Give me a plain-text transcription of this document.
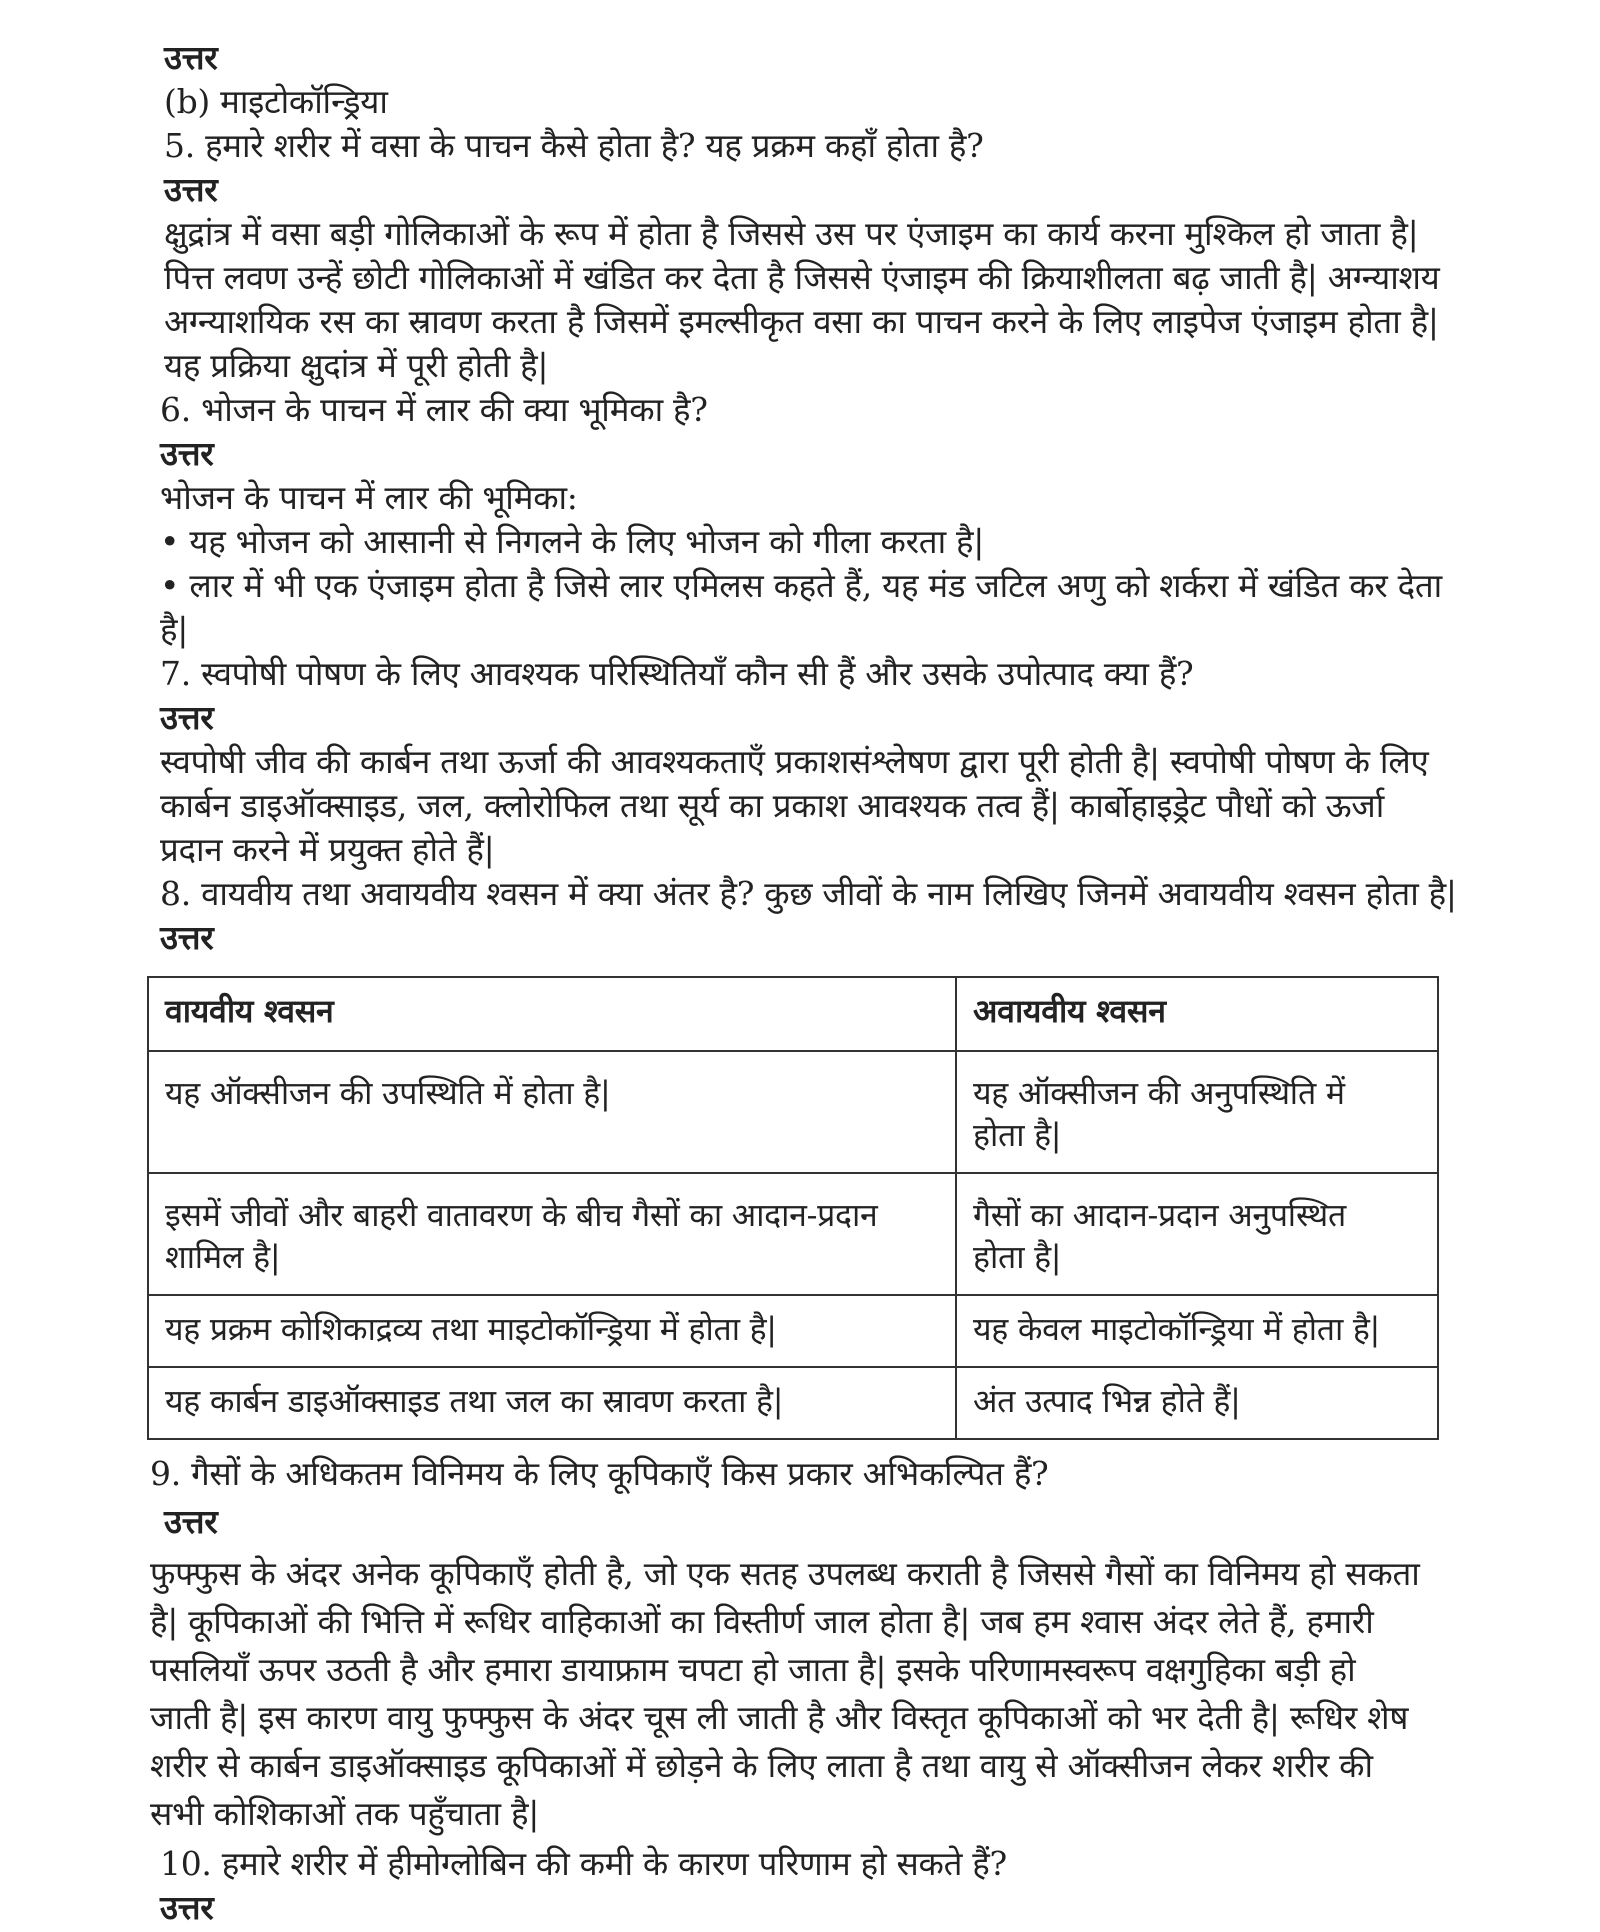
उत्तर
(b) माइटोकॉन्ड्रिया
5. हमारे शरीर में वसा के पाचन कैसे होता है? यह प्रक्रम कहाँ होता है?
उत्तर
क्षुद्रांत्र में वसा बड़ी गोलिकाओं के रूप में होता है जिससे उस पर एंजाइम का कार्य करना मुश्किल हो जाता है|
पित्त लवण उन्हें छोटी गोलिकाओं में खंडित कर देता है जिससे एंजाइम की क्रियाशीलता बढ़ जाती है| अग्न्याशय
अग्न्याशयिक रस का स्रावण करता है जिसमें इमल्सीकृत वसा का पाचन करने के लिए लाइपेज एंजाइम होता है|
यह प्रक्रिया क्षुदांत्र में पूरी होती है|
6. भोजन के पाचन में लार की क्या भूमिका है?
उत्तर
भोजन के पाचन में लार की भूमिका:
• यह भोजन को आसानी से निगलने के लिए भोजन को गीला करता है|
• लार में भी एक एंजाइम होता है जिसे लार एमिलस कहते हैं, यह मंड जटिल अणु को शर्करा में खंडित कर देता
है|
7. स्वपोषी पोषण के लिए आवश्यक परिस्थितियाँ कौन सी हैं और उसके उपोत्पाद क्या हैं?
उत्तर
स्वपोषी जीव की कार्बन तथा ऊर्जा की आवश्यकताएँ प्रकाशसंश्लेषण द्वारा पूरी होती है| स्वपोषी पोषण के लिए
कार्बन डाइऑक्साइड, जल, क्लोरोफिल तथा सूर्य का प्रकाश आवश्यक तत्व हैं| कार्बोहाइड्रेट पौधों को ऊर्जा
प्रदान करने में प्रयुक्त होते हैं|
8. वायवीय तथा अवायवीय श्वसन में क्या अंतर है? कुछ जीवों के नाम लिखिए जिनमें अवायवीय श्वसन होता है|
उत्तर
वायवीय श्वसन	अवायवीय श्वसन
यह ऑक्सीजन की उपस्थिति में होता है|	यह ऑक्सीजन की अनुपस्थिति में
होता है|
इसमें जीवों और बाहरी वातावरण के बीच गैसों का आदान-प्रदान
शामिल है|	गैसों का आदान-प्रदान अनुपस्थित
होता है|
यह प्रक्रम कोशिकाद्रव्य तथा माइटोकॉन्ड्रिया में होता है|	यह केवल माइटोकॉन्ड्रिया में होता है|
यह कार्बन डाइऑक्साइड तथा जल का स्रावण करता है|	अंत उत्पाद भिन्न होते हैं|
9. गैसों के अधिकतम विनिमय के लिए कूपिकाएँ किस प्रकार अभिकल्पित हैं?
उत्तर
फुफ्फुस के अंदर अनेक कूपिकाएँ होती है, जो एक सतह उपलब्ध कराती है जिससे गैसों का विनिमय हो सकता
है| कूपिकाओं की भित्ति में रूधिर वाहिकाओं का विस्तीर्ण जाल होता है| जब हम श्वास अंदर लेते हैं, हमारी
पसलियाँ ऊपर उठती है और हमारा डायाफ्राम चपटा हो जाता है| इसके परिणामस्वरूप वक्षगुहिका बड़ी हो
जाती है| इस कारण वायु फुफ्फुस के अंदर चूस ली जाती है और विस्तृत कूपिकाओं को भर देती है| रूधिर शेष
शरीर से कार्बन डाइऑक्साइड कूपिकाओं में छोड़ने के लिए लाता है तथा वायु से ऑक्सीजन लेकर शरीर की
सभी कोशिकाओं तक पहुँचाता है|
10. हमारे शरीर में हीमोग्लोबिन की कमी के कारण परिणाम हो सकते हैं?
उत्तर
